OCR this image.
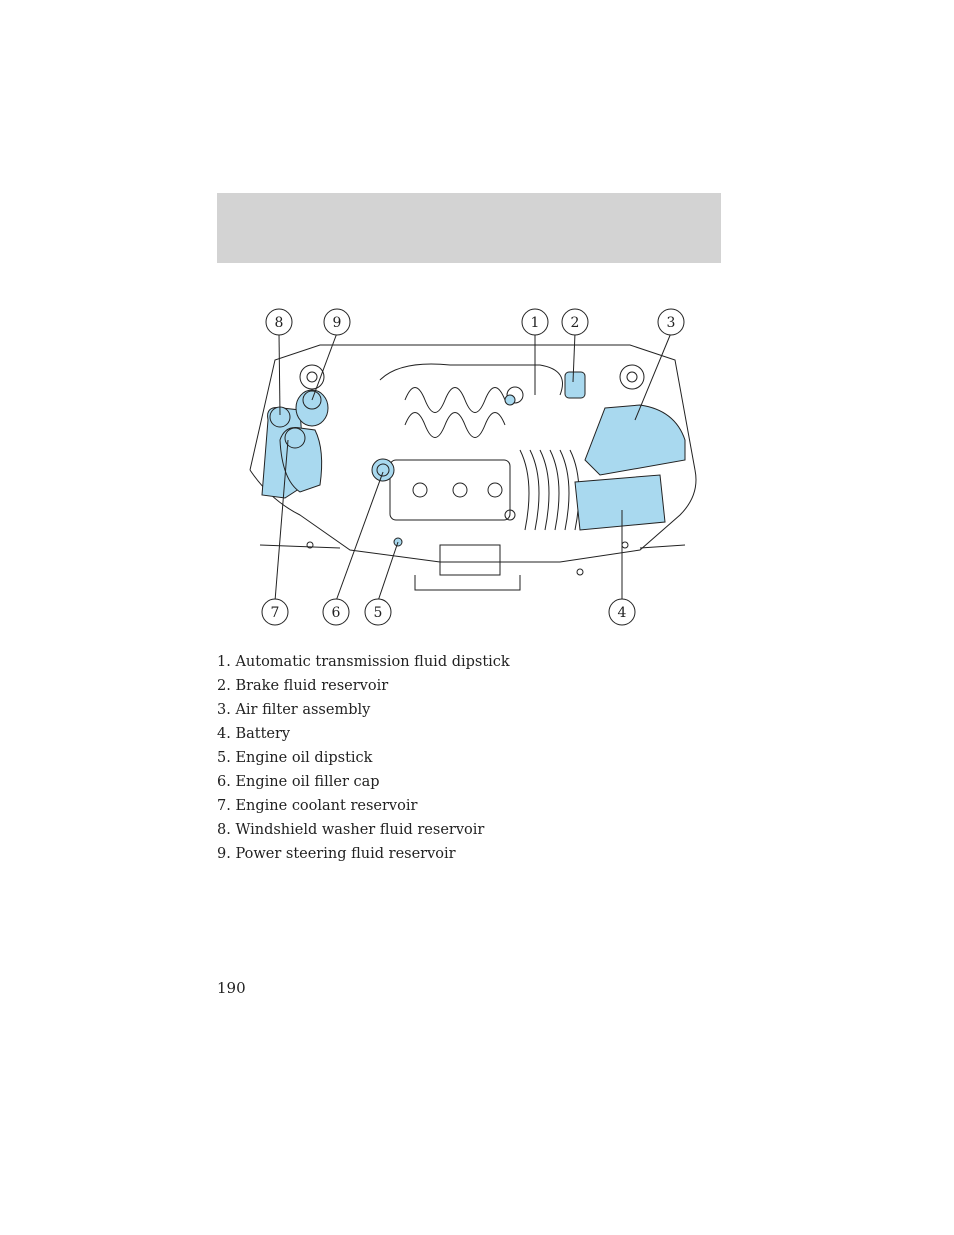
8	9	1 2	3
7	6 5	4
1. Automatic transmission fluid dipstick
2. Brake fluid reservoir
3. Air filter assembly
4. Battery
5. Engine oil dipstick
6. Engine oil filler cap
7. Engine coolant reservoir
8. Windshield washer fluid reservoir
9. Power steering fluid reservoir
190
